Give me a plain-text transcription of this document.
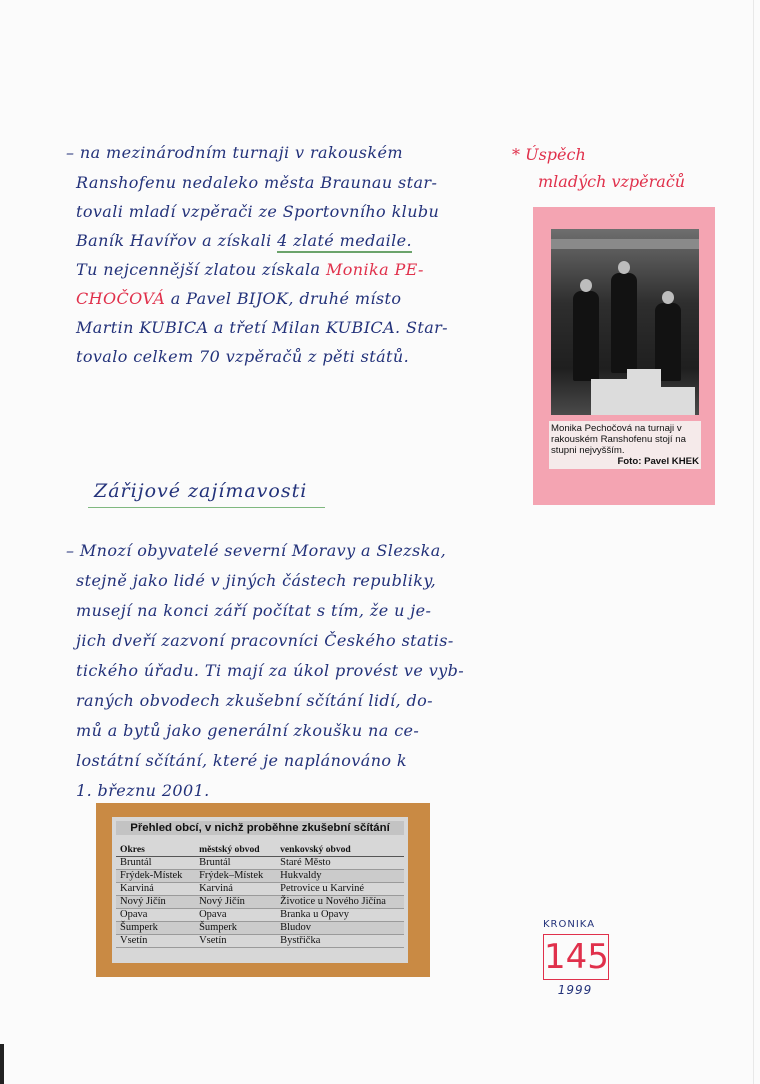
– na mezinárodním turnaji v rakouském
Ranshofenu nedaleko města Braunau star-
tovali mladí vzpěrači ze Sportovního klubu
Baník Havířov a získali 4 zlaté medaile.
Tu nejcennější zlatou získala Monika PE-
CHOČOVÁ a Pavel BIJOK, druhé místo
Martin KUBICA a třetí Milan KUBICA. Star-
tovalo celkem 70 vzpěračů z pěti států.
* Úspěch
mladých vzpěračů
Monika Pechočová na turnaji v rakouském Ranshofenu stojí na stupni nejvyšším.
Foto: Pavel KHEK
Zářijové zajímavosti
– Mnozí obyvatelé severní Moravy a Slezska,
stejně jako lidé v jiných částech republiky,
musejí na konci září počítat s tím, že u je-
jich dveří zazvoní pracovníci Českého statis-
tického úřadu. Ti mají za úkol provést ve vyb-
raných obvodech zkušební sčítání lidí, do-
mů a bytů jako generální zkoušku na ce-
lostátní sčítání, které je naplánováno k
1. březnu 2001.
Přehled obcí, v nichž proběhne zkušební sčítání
Okres	městský obvod	venkovský obvod
Bruntál	Bruntál	Staré Město
Frýdek-Místek	Frýdek–Místek	Hukvaldy
Karviná	Karviná	Petrovice u Karviné
Nový Jičín	Nový Jičín	Životice u Nového Jičína
Opava	Opava	Branka u Opavy
Šumperk	Šumperk	Bludov
Vsetín	Vsetín	Bystřička
KRONIKA
145
1999
